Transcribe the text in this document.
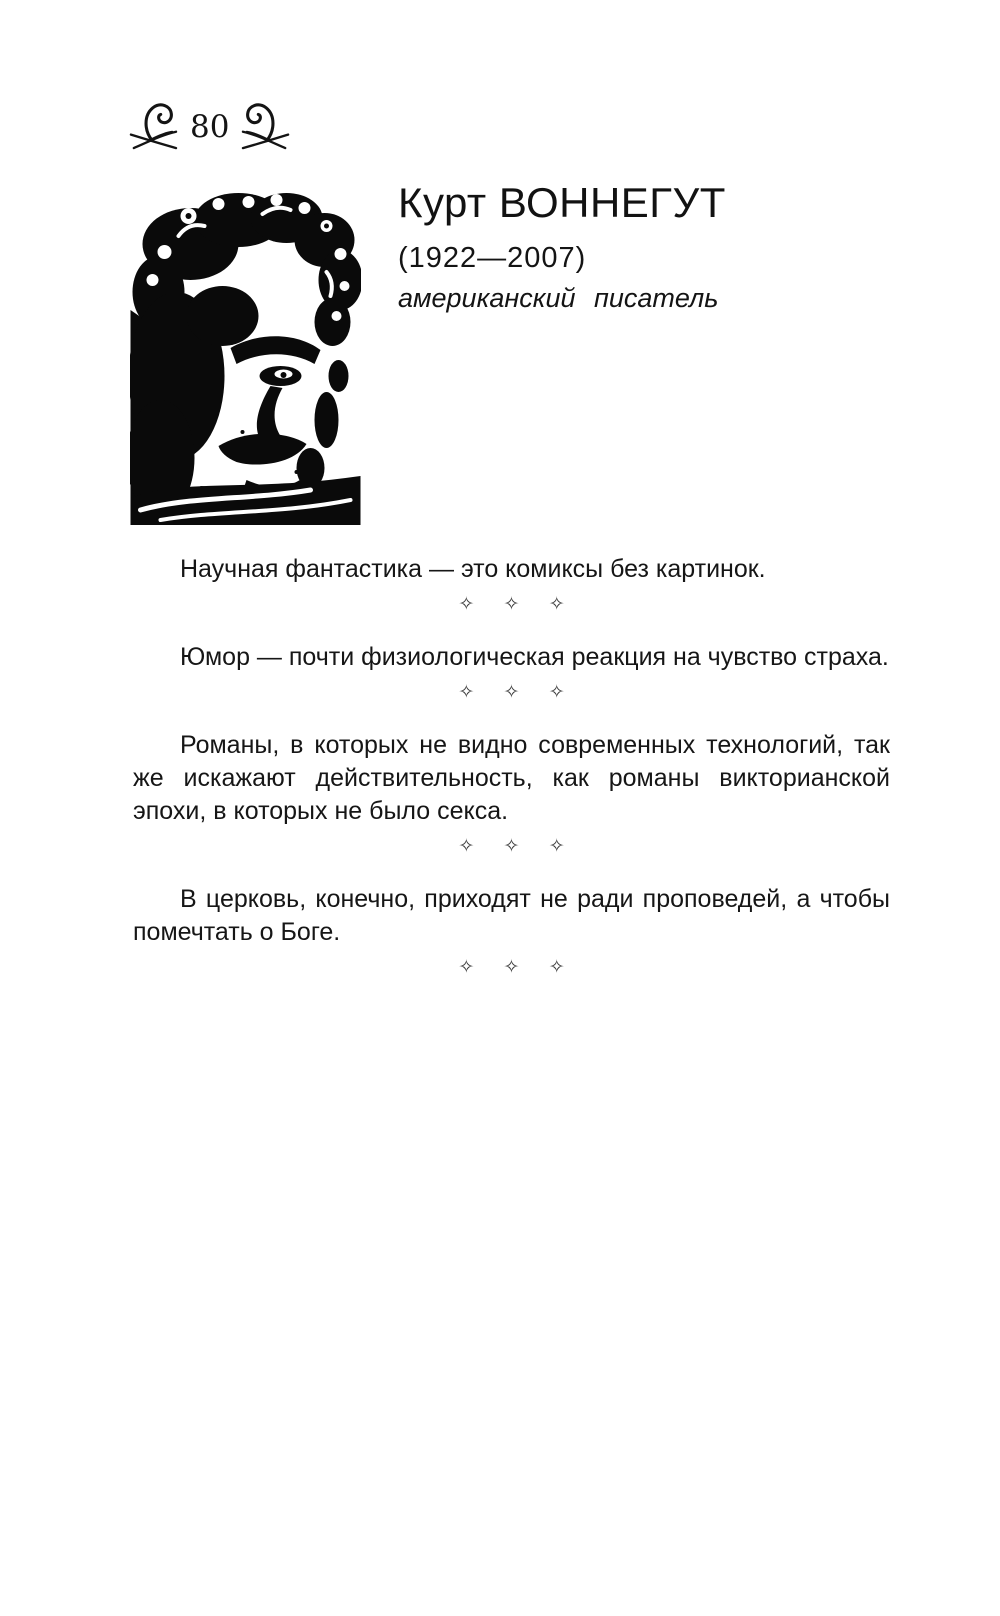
80
Курт ВОННЕГУТ
(1922—2007)
американский писатель

Научная фантастика — это комиксы без картинок.

✧ ✧ ✧

Юмор — почти физиологическая реакция на чувство страха.

✧ ✧ ✧

Романы, в которых не видно современных технологий, так же искажают действительность, как романы викторианской эпохи, в которых не было секса.

✧ ✧ ✧

В церковь, конечно, приходят не ради проповедей, а чтобы помечтать о Боге.

✧ ✧ ✧
